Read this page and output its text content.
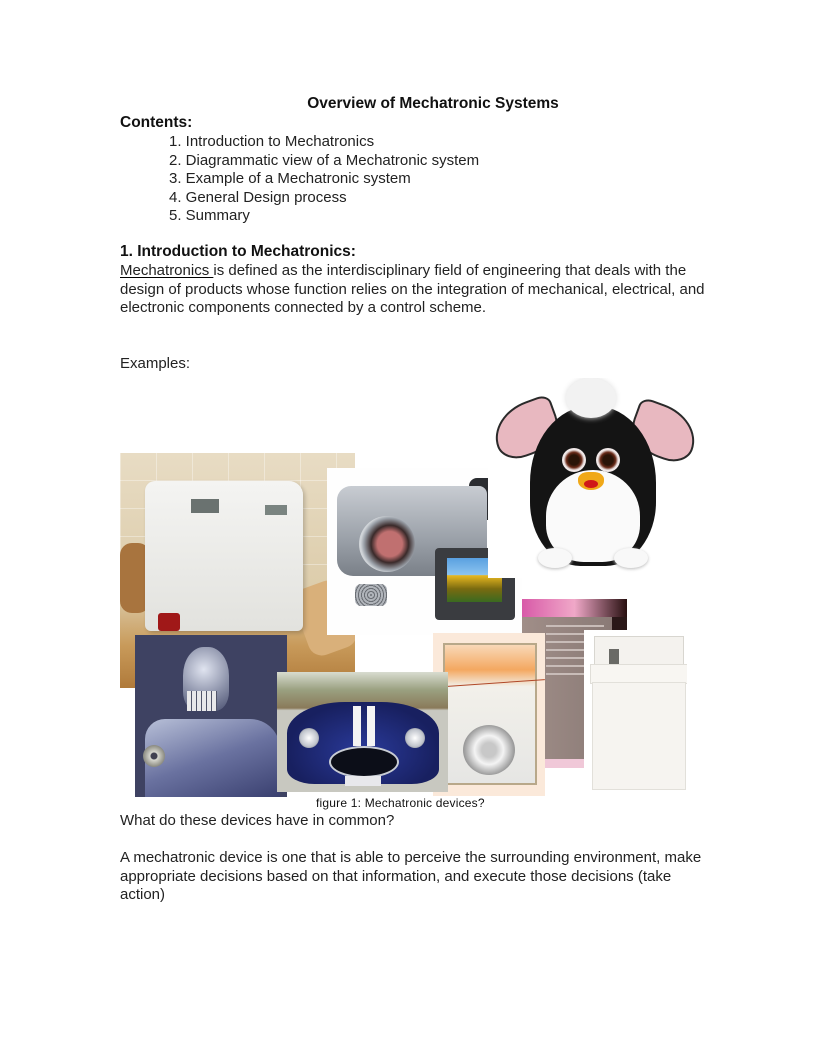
Overview of Mechatronic Systems
Contents:
1. Introduction to Mechatronics
2. Diagrammatic view of a Mechatronic system
3. Example of a Mechatronic system
4. General Design process
5. Summary
1. Introduction to Mechatronics:
Mechatronics is defined as the interdisciplinary field of engineering that deals with the design of products whose function relies on the integration of mechanical, electrical, and electronic components connected by a control scheme.
Examples:
figure 1: Mechatronic devices?
What do these devices have in common?
A mechatronic device is one that is able to perceive the surrounding environment, make appropriate decisions based on that information, and execute those decisions (take action)
